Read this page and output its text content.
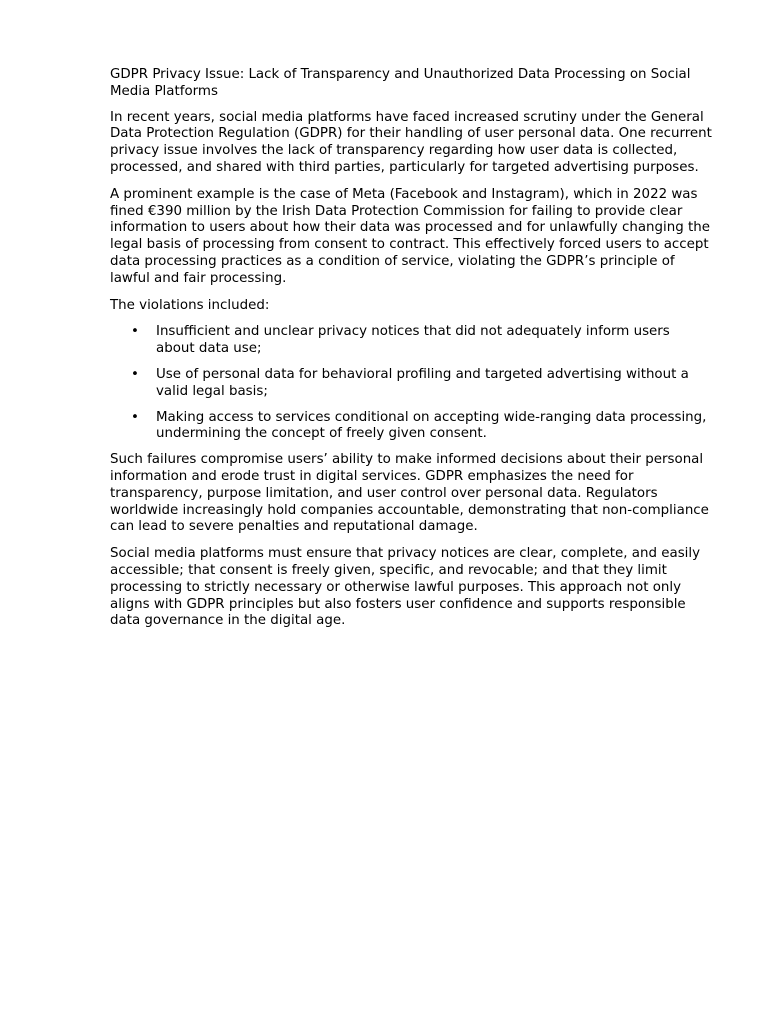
GDPR Privacy Issue: Lack of Transparency and Unauthorized Data Processing on Social Media Platforms

In recent years, social media platforms have faced increased scrutiny under the General Data Protection Regulation (GDPR) for their handling of user personal data. One recurrent privacy issue involves the lack of transparency regarding how user data is collected, processed, and shared with third parties, particularly for targeted advertising purposes.

A prominent example is the case of Meta (Facebook and Instagram), which in 2022 was fined €390 million by the Irish Data Protection Commission for failing to provide clear information to users about how their data was processed and for unlawfully changing the legal basis of processing from consent to contract. This effectively forced users to accept data processing practices as a condition of service, violating the GDPR’s principle of lawful and fair processing.

The violations included:

• Insufficient and unclear privacy notices that did not adequately inform users about data use;
• Use of personal data for behavioral profiling and targeted advertising without a valid legal basis;
• Making access to services conditional on accepting wide-ranging data processing, undermining the concept of freely given consent.

Such failures compromise users’ ability to make informed decisions about their personal information and erode trust in digital services. GDPR emphasizes the need for transparency, purpose limitation, and user control over personal data. Regulators worldwide increasingly hold companies accountable, demonstrating that non-compliance can lead to severe penalties and reputational damage.

Social media platforms must ensure that privacy notices are clear, complete, and easily accessible; that consent is freely given, specific, and revocable; and that they limit processing to strictly necessary or otherwise lawful purposes. This approach not only aligns with GDPR principles but also fosters user confidence and supports responsible data governance in the digital age.
